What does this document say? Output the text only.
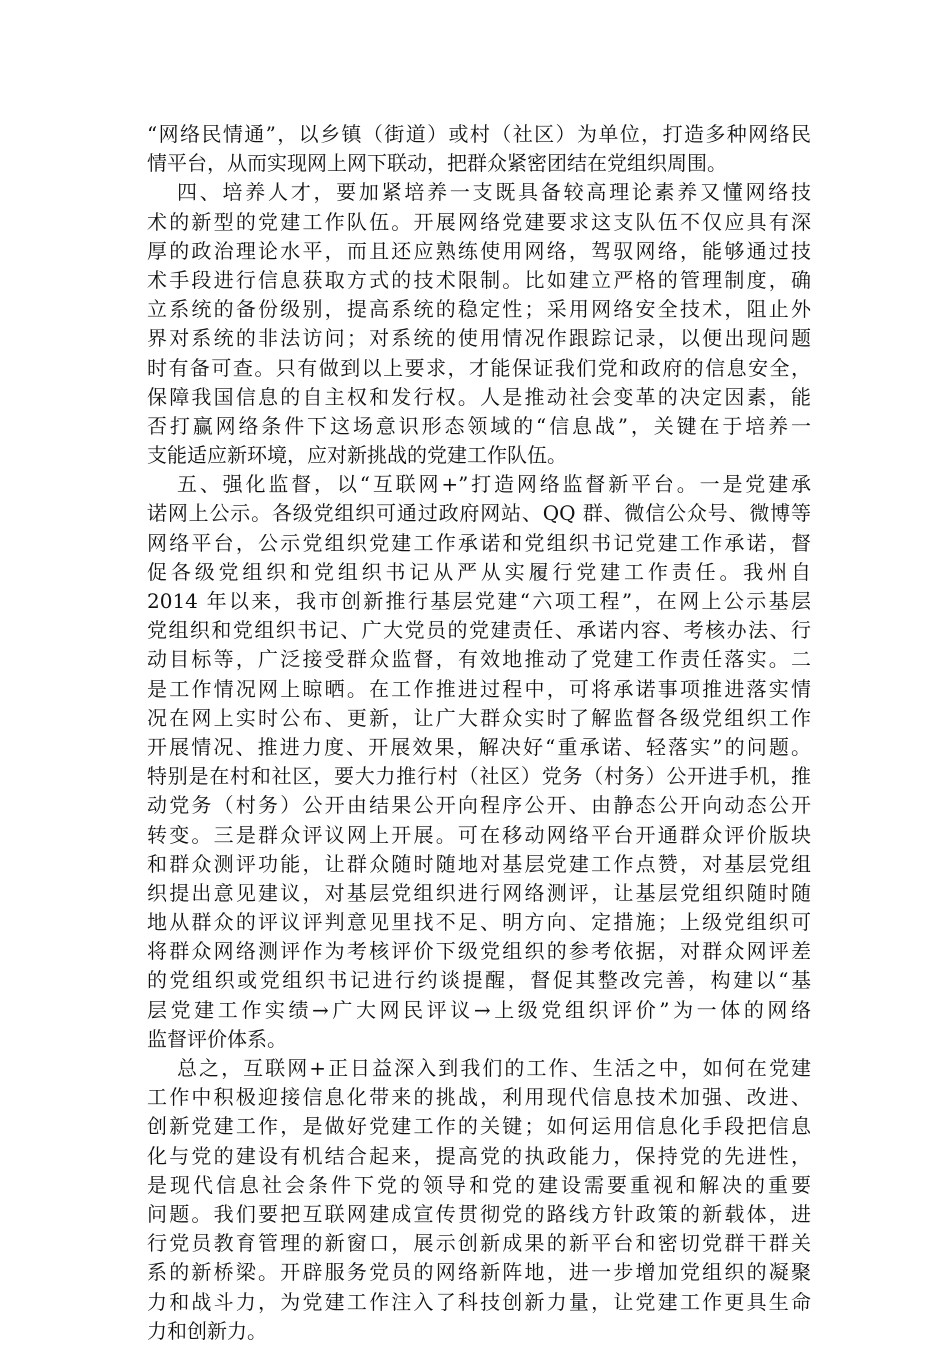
“网络民情通”，以乡镇（街道）或村（社区）为单位，打造多种网络民
情平台，从而实现网上网下联动，把群众紧密团结在党组织周围。
四、培养人才，要加紧培养一支既具备较高理论素养又懂网络技
术的新型的党建工作队伍。开展网络党建要求这支队伍不仅应具有深
厚的政治理论水平，而且还应熟练使用网络，驾驭网络，能够通过技
术手段进行信息获取方式的技术限制。比如建立严格的管理制度，确
立系统的备份级别，提高系统的稳定性；采用网络安全技术，阻止外
界对系统的非法访问；对系统的使用情况作跟踪记录，以便出现问题
时有备可查。只有做到以上要求，才能保证我们党和政府的信息安全，
保障我国信息的自主权和发行权。人是推动社会变革的决定因素，能
否打赢网络条件下这场意识形态领域的“信息战”，关键在于培养一
支能适应新环境，应对新挑战的党建工作队伍。
五、强化监督，以“互联网+”打造网络监督新平台。一是党建承
诺网上公示。各级党组织可通过政府网站、QQ 群、微信公众号、微博等
网络平台，公示党组织党建工作承诺和党组织书记党建工作承诺，督
促各级党组织和党组织书记从严从实履行党建工作责任。我州自
2014 年以来，我市创新推行基层党建“六项工程”，在网上公示基层
党组织和党组织书记、广大党员的党建责任、承诺内容、考核办法、行
动目标等，广泛接受群众监督，有效地推动了党建工作责任落实。二
是工作情况网上晾晒。在工作推进过程中，可将承诺事项推进落实情
况在网上实时公布、更新，让广大群众实时了解监督各级党组织工作
开展情况、推进力度、开展效果，解决好“重承诺、轻落实”的问题。
特别是在村和社区，要大力推行村（社区）党务（村务）公开进手机，推
动党务（村务）公开由结果公开向程序公开、由静态公开向动态公开
转变。三是群众评议网上开展。可在移动网络平台开通群众评价版块
和群众测评功能，让群众随时随地对基层党建工作点赞，对基层党组
织提出意见建议，对基层党组织进行网络测评，让基层党组织随时随
地从群众的评议评判意见里找不足、明方向、定措施；上级党组织可
将群众网络测评作为考核评价下级党组织的参考依据，对群众网评差
的党组织或党组织书记进行约谈提醒，督促其整改完善，构建以“基
层党建工作实绩→广大网民评议→上级党组织评价”为一体的网络
监督评价体系。
总之，互联网+正日益深入到我们的工作、生活之中，如何在党建
工作中积极迎接信息化带来的挑战，利用现代信息技术加强、改进、
创新党建工作，是做好党建工作的关键；如何运用信息化手段把信息
化与党的建设有机结合起来，提高党的执政能力，保持党的先进性，
是现代信息社会条件下党的领导和党的建设需要重视和解决的重要
问题。我们要把互联网建成宣传贯彻党的路线方针政策的新载体，进
行党员教育管理的新窗口，展示创新成果的新平台和密切党群干群关
系的新桥梁。开辟服务党员的网络新阵地，进一步增加党组织的凝聚
力和战斗力，为党建工作注入了科技创新力量，让党建工作更具生命
力和创新力。
